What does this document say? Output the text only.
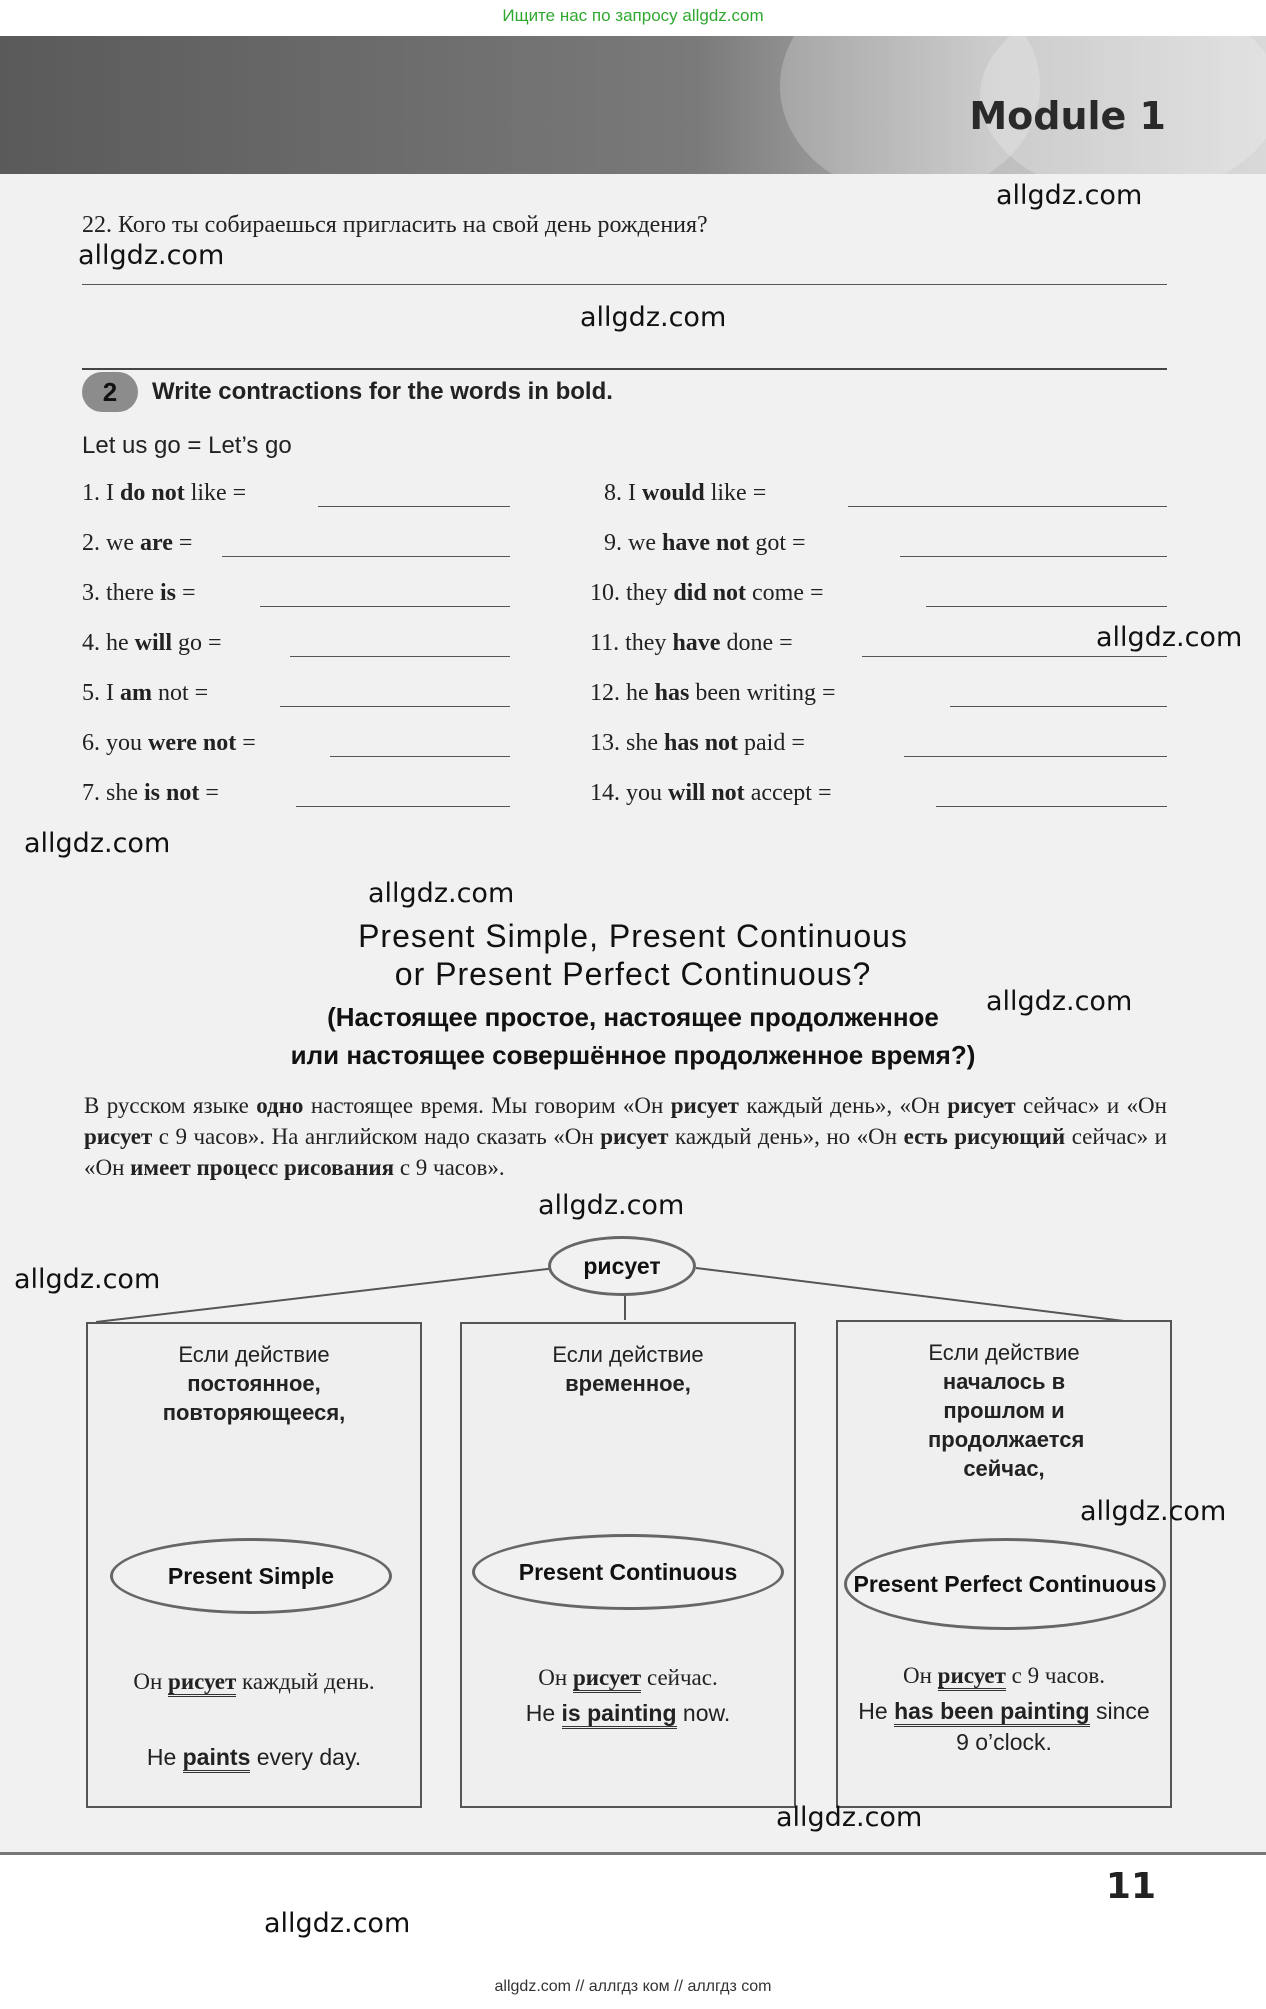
Ищите нас по запросу allgdz.com
Module 1
22. Кого ты собираешься пригласить на свой день рождения?
2	Write contractions for the words in bold.
Let us go = Let’s go
1. I do not like =
2. we are =
3. there is =
4. he will go =
5. I am not =
6. you were not =
7. she is not =
8. I would like =
9. we have not got =
10. they did not come =
11. they have done =
12. he has been writing =
13. she has not paid =
14. you will not accept =
Present Simple, Present Continuous
or Present Perfect Continuous?
(Настоящее простое, настоящее продолженное
или настоящее совершённое продолженное время?)
В русском языке одно настоящее время. Мы говорим «Он рисует каждый день», «Он рисует сейчас» и «Он рисует с 9 часов». На английском надо сказать «Он рисует каждый день», но «Он есть рисующий сейчас» и «Он имеет процесс рисования с 9 часов».
рисует
Если действие
постоянное, повторяющееся,
Present Simple
Он рисует каждый день.
He paints every day.
Если действие
временное,
Present Continuous
Он рисует сейчас.
He is painting now.
Если действие
началось в прошлом и продолжается сейчас,
Present Perfect Continuous
Он рисует с 9 часов.
He has been painting since 9 o’clock.
11
allgdz.com
allgdz.com
allgdz.com
allgdz.com
allgdz.com
allgdz.com
allgdz.com
allgdz.com
allgdz.com
allgdz.com
allgdz.com
allgdz.com
allgdz.com // аллгдз ком // аллгдз com
